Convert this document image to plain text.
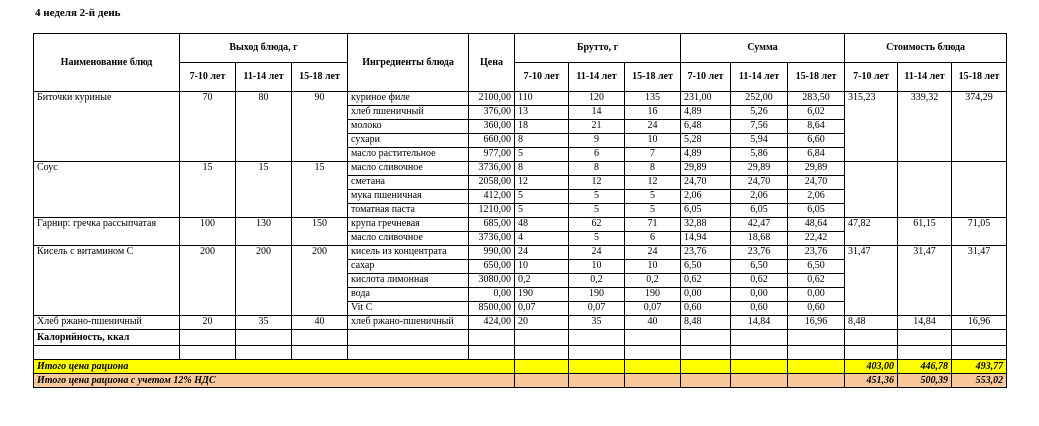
4 неделя 2-й день
Наименование блюд	Выход блюда, г			Ингредиенты блюда	Цена	Брутто, г			Сумма			Стоимость блюда		
	7-10 лет	11-14 лет	15-18 лет			7-10 лет	11-14 лет	15-18 лет	7-10 лет	11-14 лет	15-18 лет	7-10 лет	11-14 лет	15-18 лет
Биточки куриные	70	80	90	куриное филе	2100,00	110	120	135	231,00	252,00	283,50	315,23	339,32	374,29
				хлеб пшеничный	376,00	13	14	16	4,89	5,26	6,02			
				молоко	360,00	18	21	24	6,48	7,56	8,64			
				сухари	660,00	8	9	10	5,28	5,94	6,60			
				масло растительное	977,00	5	6	7	4,89	5,86	6,84			
Соус	15	15	15	масло сливочное	3736,00	8	8	8	29,89	29,89	29,89			
				сметана	2058,00	12	12	12	24,70	24,70	24,70			
				мука пшеничная	412,00	5	5	5	2,06	2,06	2,06			
				томатная паста	1210,00	5	5	5	6,05	6,05	6,05			
Гарнир: гречка рассыпчатая	100	130	150	крупа гречневая	685,00	48	62	71	32,88	42,47	48,64	47,82	61,15	71,05
				масло сливочное	3736,00	4	5	6	14,94	18,68	22,42			
Кисель с витамином С	200	200	200	кисель из концентрата	990,00	24	24	24	23,76	23,76	23,76	31,47	31,47	31,47
				сахар	650,00	10	10	10	6,50	6,50	6,50			
				кислота лимонная	3080,00	0,2	0,2	0,2	0,62	0,62	0,62			
				вода	0,00	190	190	190	0,00	0,00	0,00			
				Vit C	8500,00	0,07	0,07	0,07	0,60	0,60	0,60			
Хлеб ржано-пшеничный	20	35	40	хлеб ржано-пшеничный	424,00	20	35	40	8,48	14,84	16,96	8,48	14,84	16,96
Калорийность, ккал														

Итого цена рациона												403,00	446,78	493,77
Итого цена рациона с учетом 12% НДС												451,36	500,39	553,02
